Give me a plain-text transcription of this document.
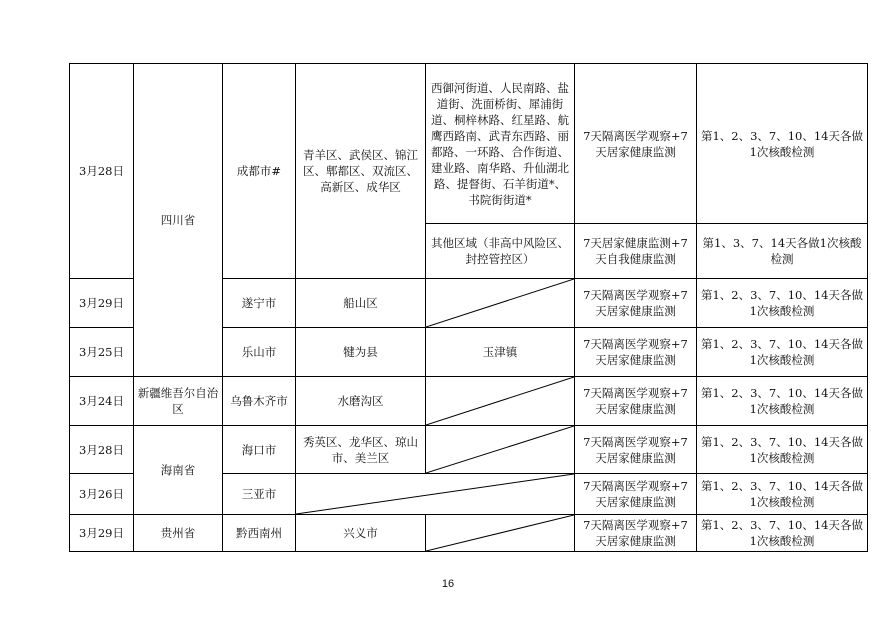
3月28日	四川省	成都市#	青羊区、武侯区、锦江区、郫都区、双流区、高新区、成华区	西御河街道、人民南路、盐道街、洗面桥街、犀浦街道、桐梓林路、红星路、航鹰西路南、武青东西路、丽都路、一环路、合作街道、建业路、南华路、升仙湖北路、提督街、石羊街道*、书院街街道*	7天隔离医学观察+7天居家健康监测	第1、2、3、7、10、14天各做1次核酸检测
				其他区域（非高中风险区、封控管控区）	7天居家健康监测+7天自我健康监测	第1、3、7、14天各做1次核酸检测
3月29日		遂宁市	船山区		7天隔离医学观察+7天居家健康监测	第1、2、3、7、10、14天各做1次核酸检测
3月25日		乐山市	犍为县	玉津镇	7天隔离医学观察+7天居家健康监测	第1、2、3、7、10、14天各做1次核酸检测
3月24日	新疆维吾尔自治区	乌鲁木齐市	水磨沟区		7天隔离医学观察+7天居家健康监测	第1、2、3、7、10、14天各做1次核酸检测
3月28日	海南省	海口市	秀英区、龙华区、琼山市、美兰区		7天隔离医学观察+7天居家健康监测	第1、2、3、7、10、14天各做1次核酸检测
3月26日		三亚市			7天隔离医学观察+7天居家健康监测	第1、2、3、7、10、14天各做1次核酸检测
3月29日	贵州省	黔西南州	兴义市		7天隔离医学观察+7天居家健康监测	第1、2、3、7、10、14天各做1次核酸检测
16
